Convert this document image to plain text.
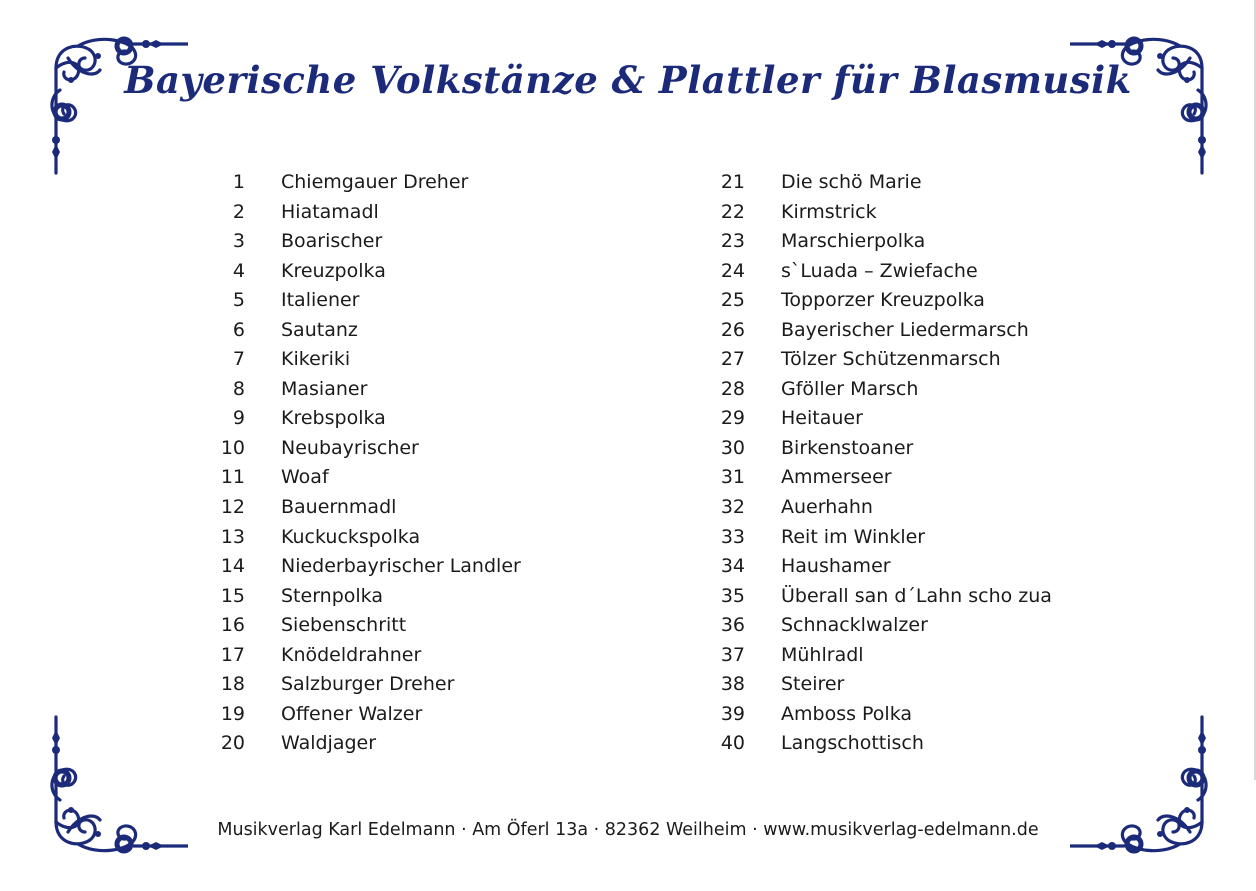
Bayerische Volkstänze & Plattler für Blasmusik
1 Chiemgauer Dreher
2 Hiatamadl
3 Boarischer
4 Kreuzpolka
5 Italiener
6 Sautanz
7 Kikeriki
8 Masianer
9 Krebspolka
10 Neubayrischer
11 Woaf
12 Bauernmadl
13 Kuckuckspolka
14 Niederbayrischer Landler
15 Sternpolka
16 Siebenschritt
17 Knödeldrahner
18 Salzburger Dreher
19 Offener Walzer
20 Waldjager
21 Die schö Marie
22 Kirmstrick
23 Marschierpolka
24 s`Luada – Zwiefache
25 Topporzer Kreuzpolka
26 Bayerischer Liedermarsch
27 Tölzer Schützenmarsch
28 Gföller Marsch
29 Heitauer
30 Birkenstoaner
31 Ammerseer
32 Auerhahn
33 Reit im Winkler
34 Haushamer
35 Überall san d´Lahn scho zua
36 Schnacklwalzer
37 Mühlradl
38 Steirer
39 Amboss Polka
40 Langschottisch
Musikverlag Karl Edelmann · Am Öferl 13a · 82362 Weilheim · www.musikverlag-edelmann.de
